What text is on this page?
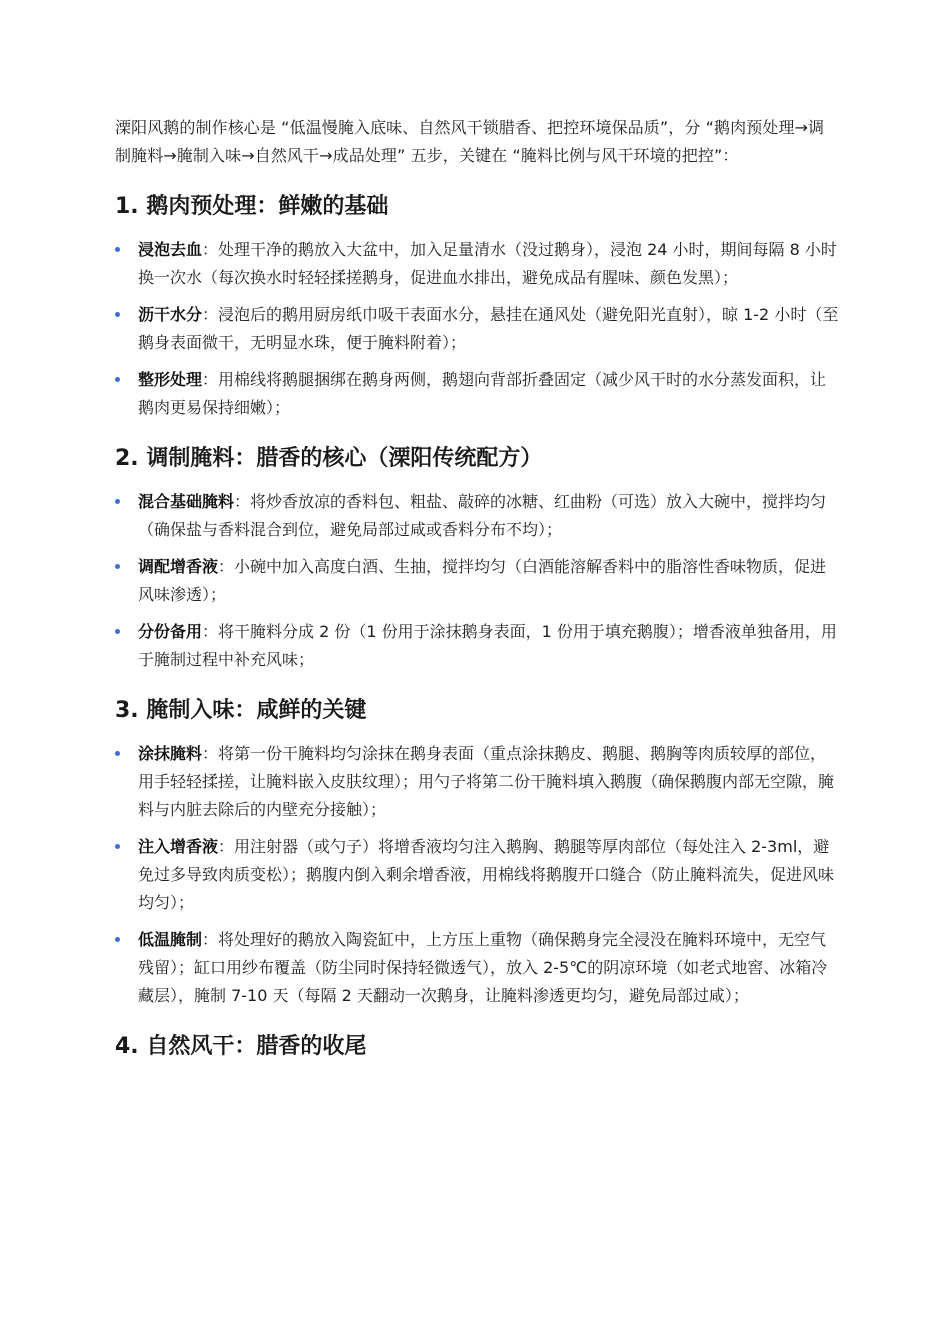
溧阳风鹅的制作核心是 “低温慢腌入底味、自然风干锁腊香、把控环境保品质”，分 “鹅肉预处理→调制腌料→腌制入味→自然风干→成品处理” 五步，关键在 “腌料比例与风干环境的把控”：

1. 鹅肉预处理：鲜嫩的基础
浸泡去血：处理干净的鹅放入大盆中，加入足量清水（没过鹅身），浸泡 24 小时，期间每隔 8 小时换一次水（每次换水时轻轻揉搓鹅身，促进血水排出，避免成品有腥味、颜色发黑）；
沥干水分：浸泡后的鹅用厨房纸巾吸干表面水分，悬挂在通风处（避免阳光直射），晾 1-2 小时（至鹅身表面微干，无明显水珠，便于腌料附着）；
整形处理：用棉线将鹅腿捆绑在鹅身两侧，鹅翅向背部折叠固定（减少风干时的水分蒸发面积，让鹅肉更易保持细嫩）；
2. 调制腌料：腊香的核心（溧阳传统配方）
混合基础腌料：将炒香放凉的香料包、粗盐、敲碎的冰糖、红曲粉（可选）放入大碗中，搅拌均匀（确保盐与香料混合到位，避免局部过咸或香料分布不均）；
调配增香液：小碗中加入高度白酒、生抽，搅拌均匀（白酒能溶解香料中的脂溶性香味物质，促进风味渗透）；
分份备用：将干腌料分成 2 份（1 份用于涂抹鹅身表面，1 份用于填充鹅腹）；增香液单独备用，用于腌制过程中补充风味；
3. 腌制入味：咸鲜的关键
涂抹腌料：将第一份干腌料均匀涂抹在鹅身表面（重点涂抹鹅皮、鹅腿、鹅胸等肉质较厚的部位，用手轻轻揉搓，让腌料嵌入皮肤纹理）；用勺子将第二份干腌料填入鹅腹（确保鹅腹内部无空隙，腌料与内脏去除后的内壁充分接触）；
注入增香液：用注射器（或勺子）将增香液均匀注入鹅胸、鹅腿等厚肉部位（每处注入 2-3ml，避免过多导致肉质变松）；鹅腹内倒入剩余增香液，用棉线将鹅腹开口缝合（防止腌料流失，促进风味均匀）；
低温腌制：将处理好的鹅放入陶瓷缸中，上方压上重物（确保鹅身完全浸没在腌料环境中，无空气残留）；缸口用纱布覆盖（防尘同时保持轻微透气），放入 2-5℃的阴凉环境（如老式地窖、冰箱冷藏层），腌制 7-10 天（每隔 2 天翻动一次鹅身，让腌料渗透更均匀，避免局部过咸）；
4. 自然风干：腊香的收尾
